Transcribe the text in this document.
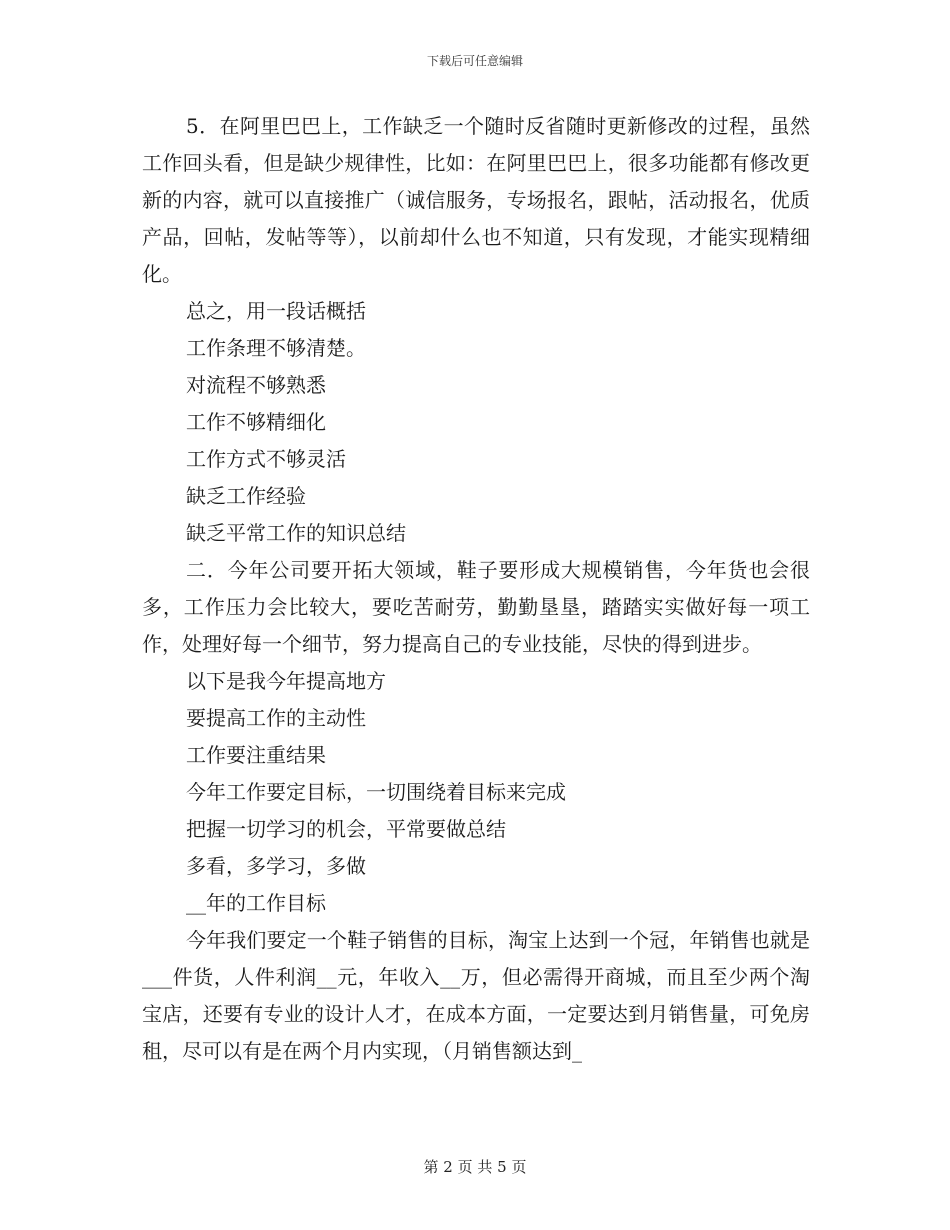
下载后可任意编辑

5．在阿里巴巴上，工作缺乏一个随时反省随时更新修改的过程，虽然工作回头看，但是缺少规律性，比如：在阿里巴巴上，很多功能都有修改更新的内容，就可以直接推广（诚信服务，专场报名，跟帖，活动报名，优质产品，回帖，发帖等等），以前却什么也不知道，只有发现，才能实现精细化。

总之，用一段话概括

工作条理不够清楚。

对流程不够熟悉

工作不够精细化

工作方式不够灵活

缺乏工作经验

缺乏平常工作的知识总结

二．今年公司要开拓大领域，鞋子要形成大规模销售，今年货也会很多，工作压力会比较大，要吃苦耐劳，勤勤垦垦，踏踏实实做好每一项工作，处理好每一个细节，努力提高自己的专业技能，尽快的得到进步。

以下是我今年提高地方

要提高工作的主动性

工作要注重结果

今年工作要定目标，一切围绕着目标来完成

把握一切学习的机会，平常要做总结

多看，多学习，多做

__年的工作目标

今年我们要定一个鞋子销售的目标，淘宝上达到一个冠，年销售也就是___件货，人件利润__元，年收入__万，但必需得开商城，而且至少两个淘宝店，还要有专业的设计人才，在成本方面，一定要达到月销售量，可免房租，尽可以有是在两个月内实现，（月销售额达到_

第 2 页 共 5 页
